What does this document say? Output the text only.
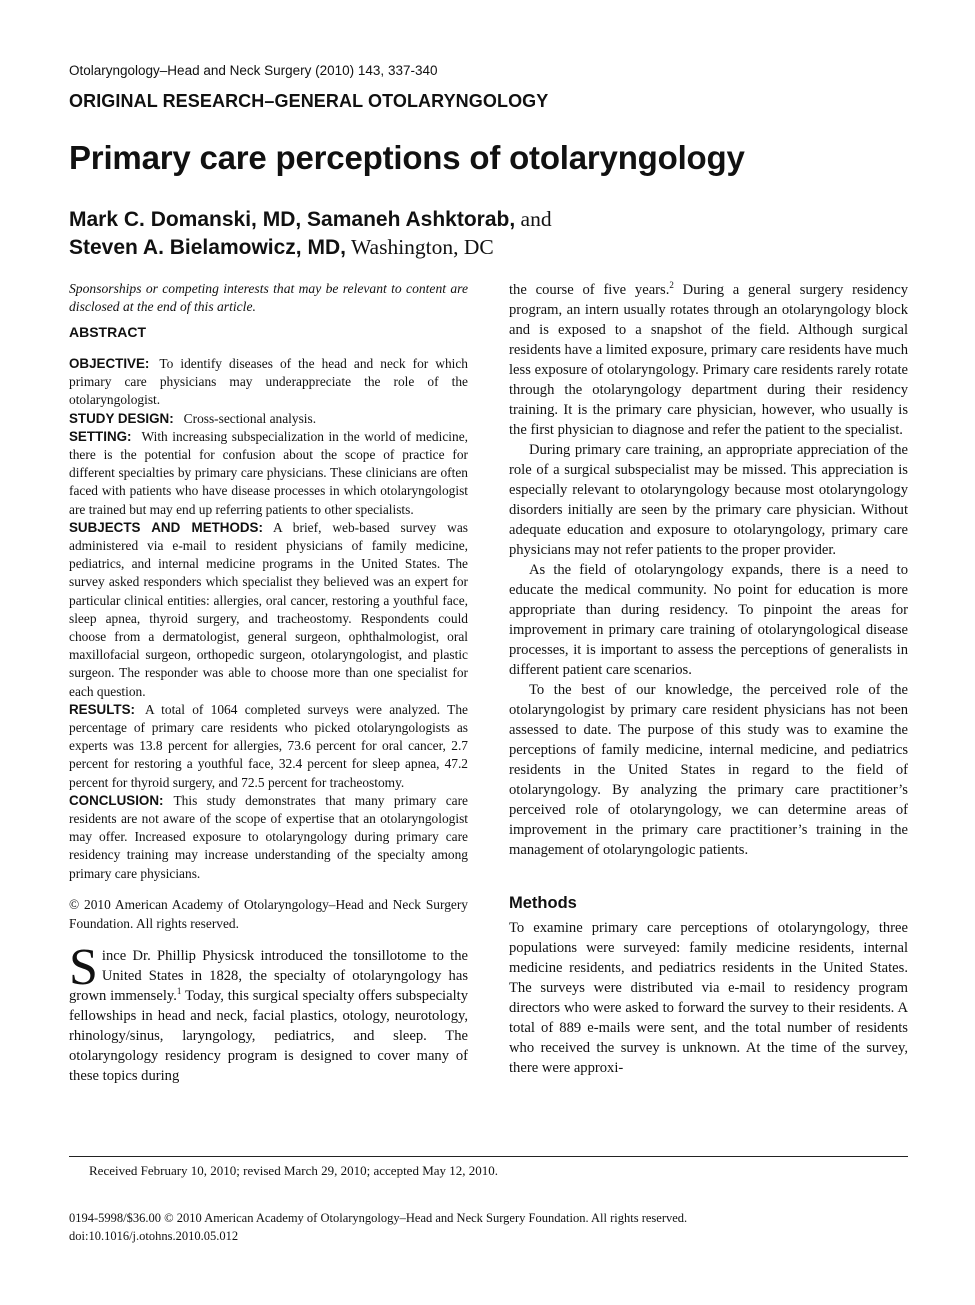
Otolaryngology–Head and Neck Surgery (2010) 143, 337-340
ORIGINAL RESEARCH–GENERAL OTOLARYNGOLOGY
Primary care perceptions of otolaryngology
Mark C. Domanski, MD, Samaneh Ashktorab, and
Steven A. Bielamowicz, MD, Washington, DC

Sponsorships or competing interests that may be relevant to content are disclosed at the end of this article.

ABSTRACT

OBJECTIVE: To identify diseases of the head and neck for which primary care physicians may underappreciate the role of the otolaryngologist.

STUDY DESIGN: Cross-sectional analysis.

SETTING: With increasing subspecialization in the world of medicine, there is the potential for confusion about the scope of practice for different specialties by primary care physicians. These clinicians are often faced with patients who have disease processes in which otolaryngologist are trained but may end up referring patients to other specialists.

SUBJECTS AND METHODS: A brief, web-based survey was administered via e-mail to resident physicians of family medicine, pediatrics, and internal medicine programs in the United States. The survey asked responders which specialist they believed was an expert for particular clinical entities: allergies, oral cancer, restoring a youthful face, sleep apnea, thyroid surgery, and tracheostomy. Respondents could choose from a dermatologist, general surgeon, ophthalmologist, oral maxillofacial surgeon, orthopedic surgeon, otolaryngologist, and plastic surgeon. The responder was able to choose more than one specialist for each question.

RESULTS: A total of 1064 completed surveys were analyzed. The percentage of primary care residents who picked otolaryngologists as experts was 13.8 percent for allergies, 73.6 percent for oral cancer, 2.7 percent for restoring a youthful face, 32.4 percent for sleep apnea, 47.2 percent for thyroid surgery, and 72.5 percent for tracheostomy.

CONCLUSION: This study demonstrates that many primary care residents are not aware of the scope of expertise that an otolaryngologist may offer. Increased exposure to otolaryngology during primary care residency training may increase understanding of the specialty among primary care physicians.

© 2010 American Academy of Otolaryngology–Head and Neck Surgery Foundation. All rights reserved.

Since Dr. Phillip Physicsk introduced the tonsillotome to the United States in 1828, the specialty of otolaryngology has grown immensely.$^1$ Today, this surgical specialty offers subspecialty fellowships in head and neck, facial plastics, otology, neurotology, rhinology/sinus, laryngology, pediatrics, and sleep. The otolaryngology residency program is designed to cover many of these topics during

the course of five years.$^2$ During a general surgery residency program, an intern usually rotates through an otolaryngology block and is exposed to a snapshot of the field. Although surgical residents have a limited exposure, primary care residents have much less exposure of otolaryngology. Primary care residents rarely rotate through the otolaryngology department during their residency training. It is the primary care physician, however, who usually is the first physician to diagnose and refer the patient to the specialist.

During primary care training, an appropriate appreciation of the role of a surgical subspecialist may be missed. This appreciation is especially relevant to otolaryngology because most otolaryngology disorders initially are seen by the primary care physician. Without adequate education and exposure to otolaryngology, primary care physicians may not refer patients to the proper provider.

As the field of otolaryngology expands, there is a need to educate the medical community. No point for education is more appropriate than during residency. To pinpoint the areas for improvement in primary care training of otolaryngological disease processes, it is important to assess the perceptions of generalists in different patient care scenarios.

To the best of our knowledge, the perceived role of the otolaryngologist by primary care resident physicians has not been assessed to date. The purpose of this study was to examine the perceptions of family medicine, internal medicine, and pediatrics residents in the United States in regard to the field of otolaryngology. By analyzing the primary care practitioner’s perceived role of otolaryngology, we can determine areas of improvement in the primary care practitioner’s training in the management of otolaryngologic patients.

Methods

To examine primary care perceptions of otolaryngology, three populations were surveyed: family medicine residents, internal medicine residents, and pediatrics residents in the United States. The surveys were distributed via e-mail to residency program directors who were asked to forward the survey to their residents. A total of 889 e-mails were sent, and the total number of residents who received the survey is unknown. At the time of the survey, there were approxi-

Received February 10, 2010; revised March 29, 2010; accepted May 12, 2010.
0194-5998/$36.00 © 2010 American Academy of Otolaryngology–Head and Neck Surgery Foundation. All rights reserved.
doi:10.1016/j.otohns.2010.05.012
